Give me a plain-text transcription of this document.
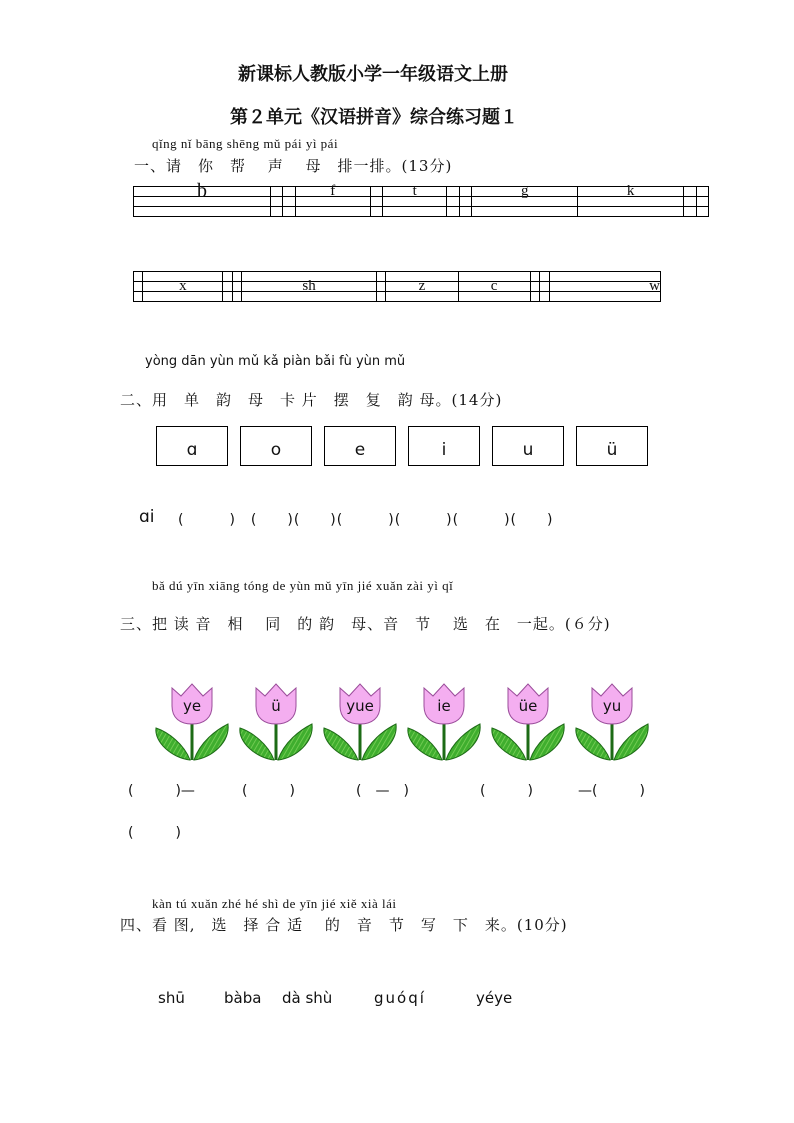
新课标人教版小学一年级语文上册
第２单元《汉语拼音》综合练习题１
qǐng nǐ bāng shēng mǔ pái yì pái
一、请　你　帮　 声　 母　排一排。(13分)
b			f		t			g	k		

	x			sh		z	c			w

yòng dān yùn mǔ kǎ piàn bǎi fù yùn mǔ
二、用　单　韵　母　卡 片　摆　复　韵 母。(14分)
ɑ	o	e	i	u	ü
ɑi (　　　)　(　　)(　　)(　　　)(　　　)(　　　)(　　)
bǎ dú yīn xiāng tóng de yùn mǔ yīn jié xuǎn zài yì qǐ
三、把 读 音　相　 同　的 韵　母、音　节　 选　在　一起。(６分)
ye	ü	yue	ie	üe	yu
(　　　)—	(　　　)	(　—　)	(　　　)	—(　　　)
(　　　)
kàn tú xuǎn zhé hé shì de yīn jié xiě xià lái
四、看 图,　选　择 合 适　 的　音　节　写　下　来。(10分)
shū	bàba dà shù	guóqí	yéye
